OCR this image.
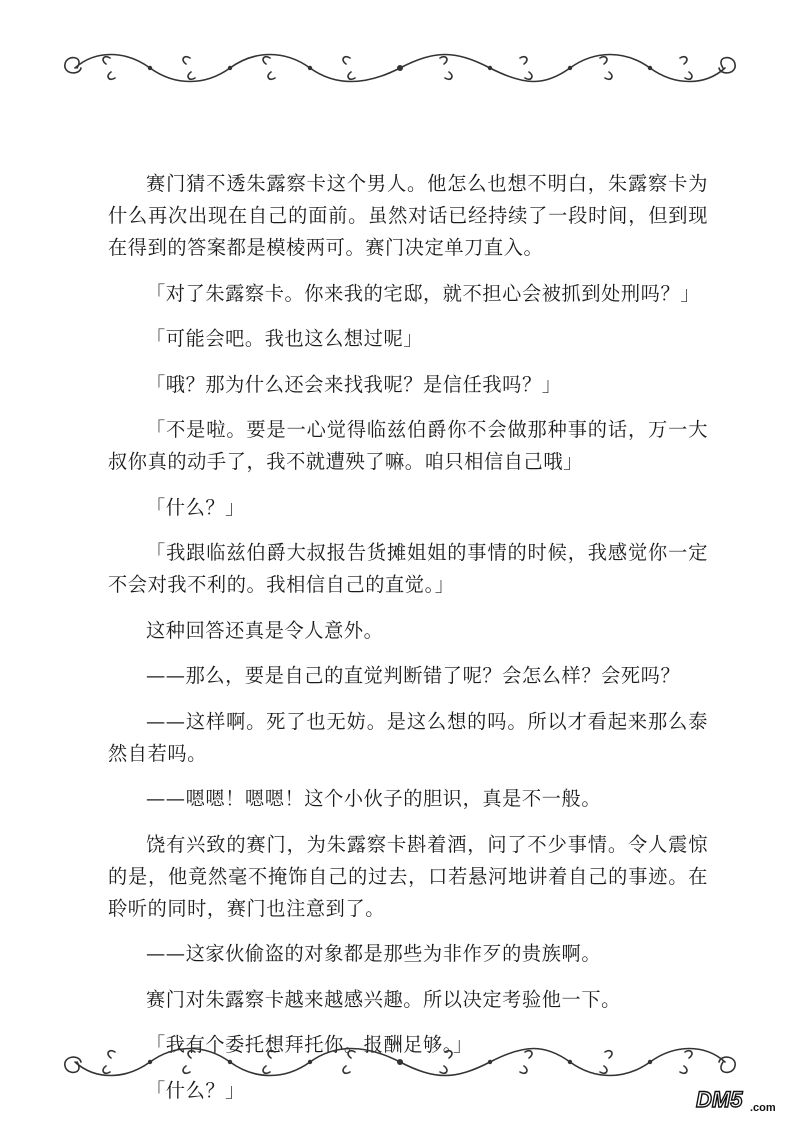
赛门猜不透朱露察卡这个男人。他怎么也想不明白，朱露察卡为什么再次出现在自己的面前。虽然对话已经持续了一段时间，但到现在得到的答案都是模棱两可。赛门决定单刀直入。

「对了朱露察卡。你来我的宅邸，就不担心会被抓到处刑吗？」

「可能会吧。我也这么想过呢」

「哦？那为什么还会来找我呢？是信任我吗？」

「不是啦。要是一心觉得临兹伯爵你不会做那种事的话，万一大叔你真的动手了，我不就遭殃了嘛。咱只相信自己哦」

「什么？」

「我跟临兹伯爵大叔报告货摊姐姐的事情的时候，我感觉你一定不会对我不利的。我相信自己的直觉。」

这种回答还真是令人意外。

——那么，要是自己的直觉判断错了呢？会怎么样？会死吗？

——这样啊。死了也无妨。是这么想的吗。所以才看起来那么泰然自若吗。

——嗯嗯！嗯嗯！这个小伙子的胆识，真是不一般。

饶有兴致的赛门，为朱露察卡斟着酒，问了不少事情。令人震惊的是，他竟然毫不掩饰自己的过去，口若悬河地讲着自己的事迹。在聆听的同时，赛门也注意到了。

——这家伙偷盗的对象都是那些为非作歹的贵族啊。

赛门对朱露察卡越来越感兴趣。所以决定考验他一下。

「我有个委托想拜托你。报酬足够。」

「什么？」	DM5 .com
